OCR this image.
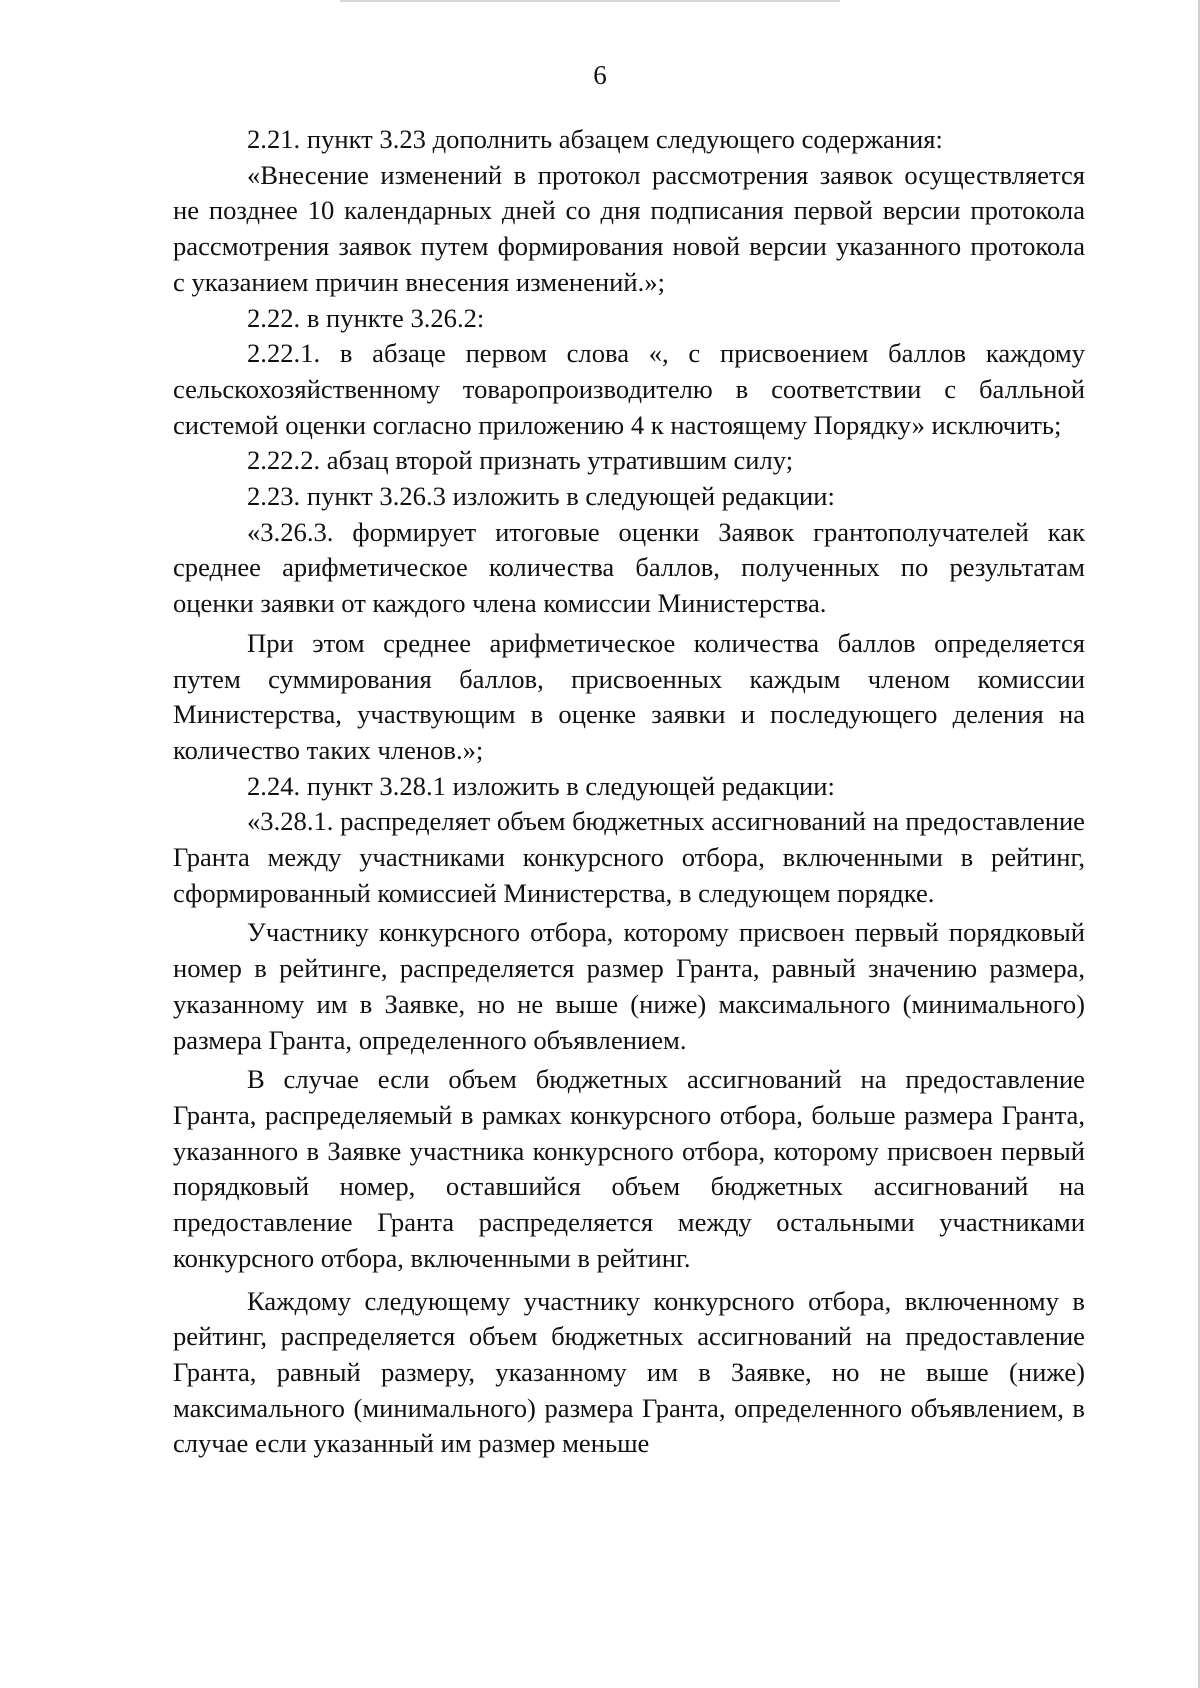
6

2.21. пункт 3.23 дополнить абзацем следующего содержания:

«Внесение изменений в протокол рассмотрения заявок осуществляется не позднее 10 календарных дней со дня подписания первой версии протокола рассмотрения заявок путем формирования новой версии указанного протокола с указанием причин внесения изменений.»;

2.22. в пункте 3.26.2:

2.22.1. в абзаце первом слова «, с присвоением баллов каждому сельскохозяйственному товаропроизводителю в соответствии с балльной системой оценки согласно приложению 4 к настоящему Порядку» исключить;

2.22.2. абзац второй признать утратившим силу;

2.23. пункт 3.26.3 изложить в следующей редакции:

«3.26.3. формирует итоговые оценки Заявок грантополучателей как среднее арифметическое количества баллов, полученных по результатам оценки заявки от каждого члена комиссии Министерства.

При этом среднее арифметическое количества баллов определяется путем суммирования баллов, присвоенных каждым членом комиссии Министерства, участвующим в оценке заявки и последующего деления на количество таких членов.»;

2.24. пункт 3.28.1 изложить в следующей редакции:

«3.28.1. распределяет объем бюджетных ассигнований на предоставление Гранта между участниками конкурсного отбора, включенными в рейтинг, сформированный комиссией Министерства, в следующем порядке.

Участнику конкурсного отбора, которому присвоен первый порядковый номер в рейтинге, распределяется размер Гранта, равный значению размера, указанному им в Заявке, но не выше (ниже) максимального (минимального) размера Гранта, определенного объявлением.

В случае если объем бюджетных ассигнований на предоставление Гранта, распределяемый в рамках конкурсного отбора, больше размера Гранта, указанного в Заявке участника конкурсного отбора, которому присвоен первый порядковый номер, оставшийся объем бюджетных ассигнований на предоставление Гранта распределяется между остальными участниками конкурсного отбора, включенными в рейтинг.

Каждому следующему участнику конкурсного отбора, включенному в рейтинг, распределяется объем бюджетных ассигнований на предоставление Гранта, равный размеру, указанному им в Заявке, но не выше (ниже) максимального (минимального) размера Гранта, определенного объявлением, в случае если указанный им размер меньше
